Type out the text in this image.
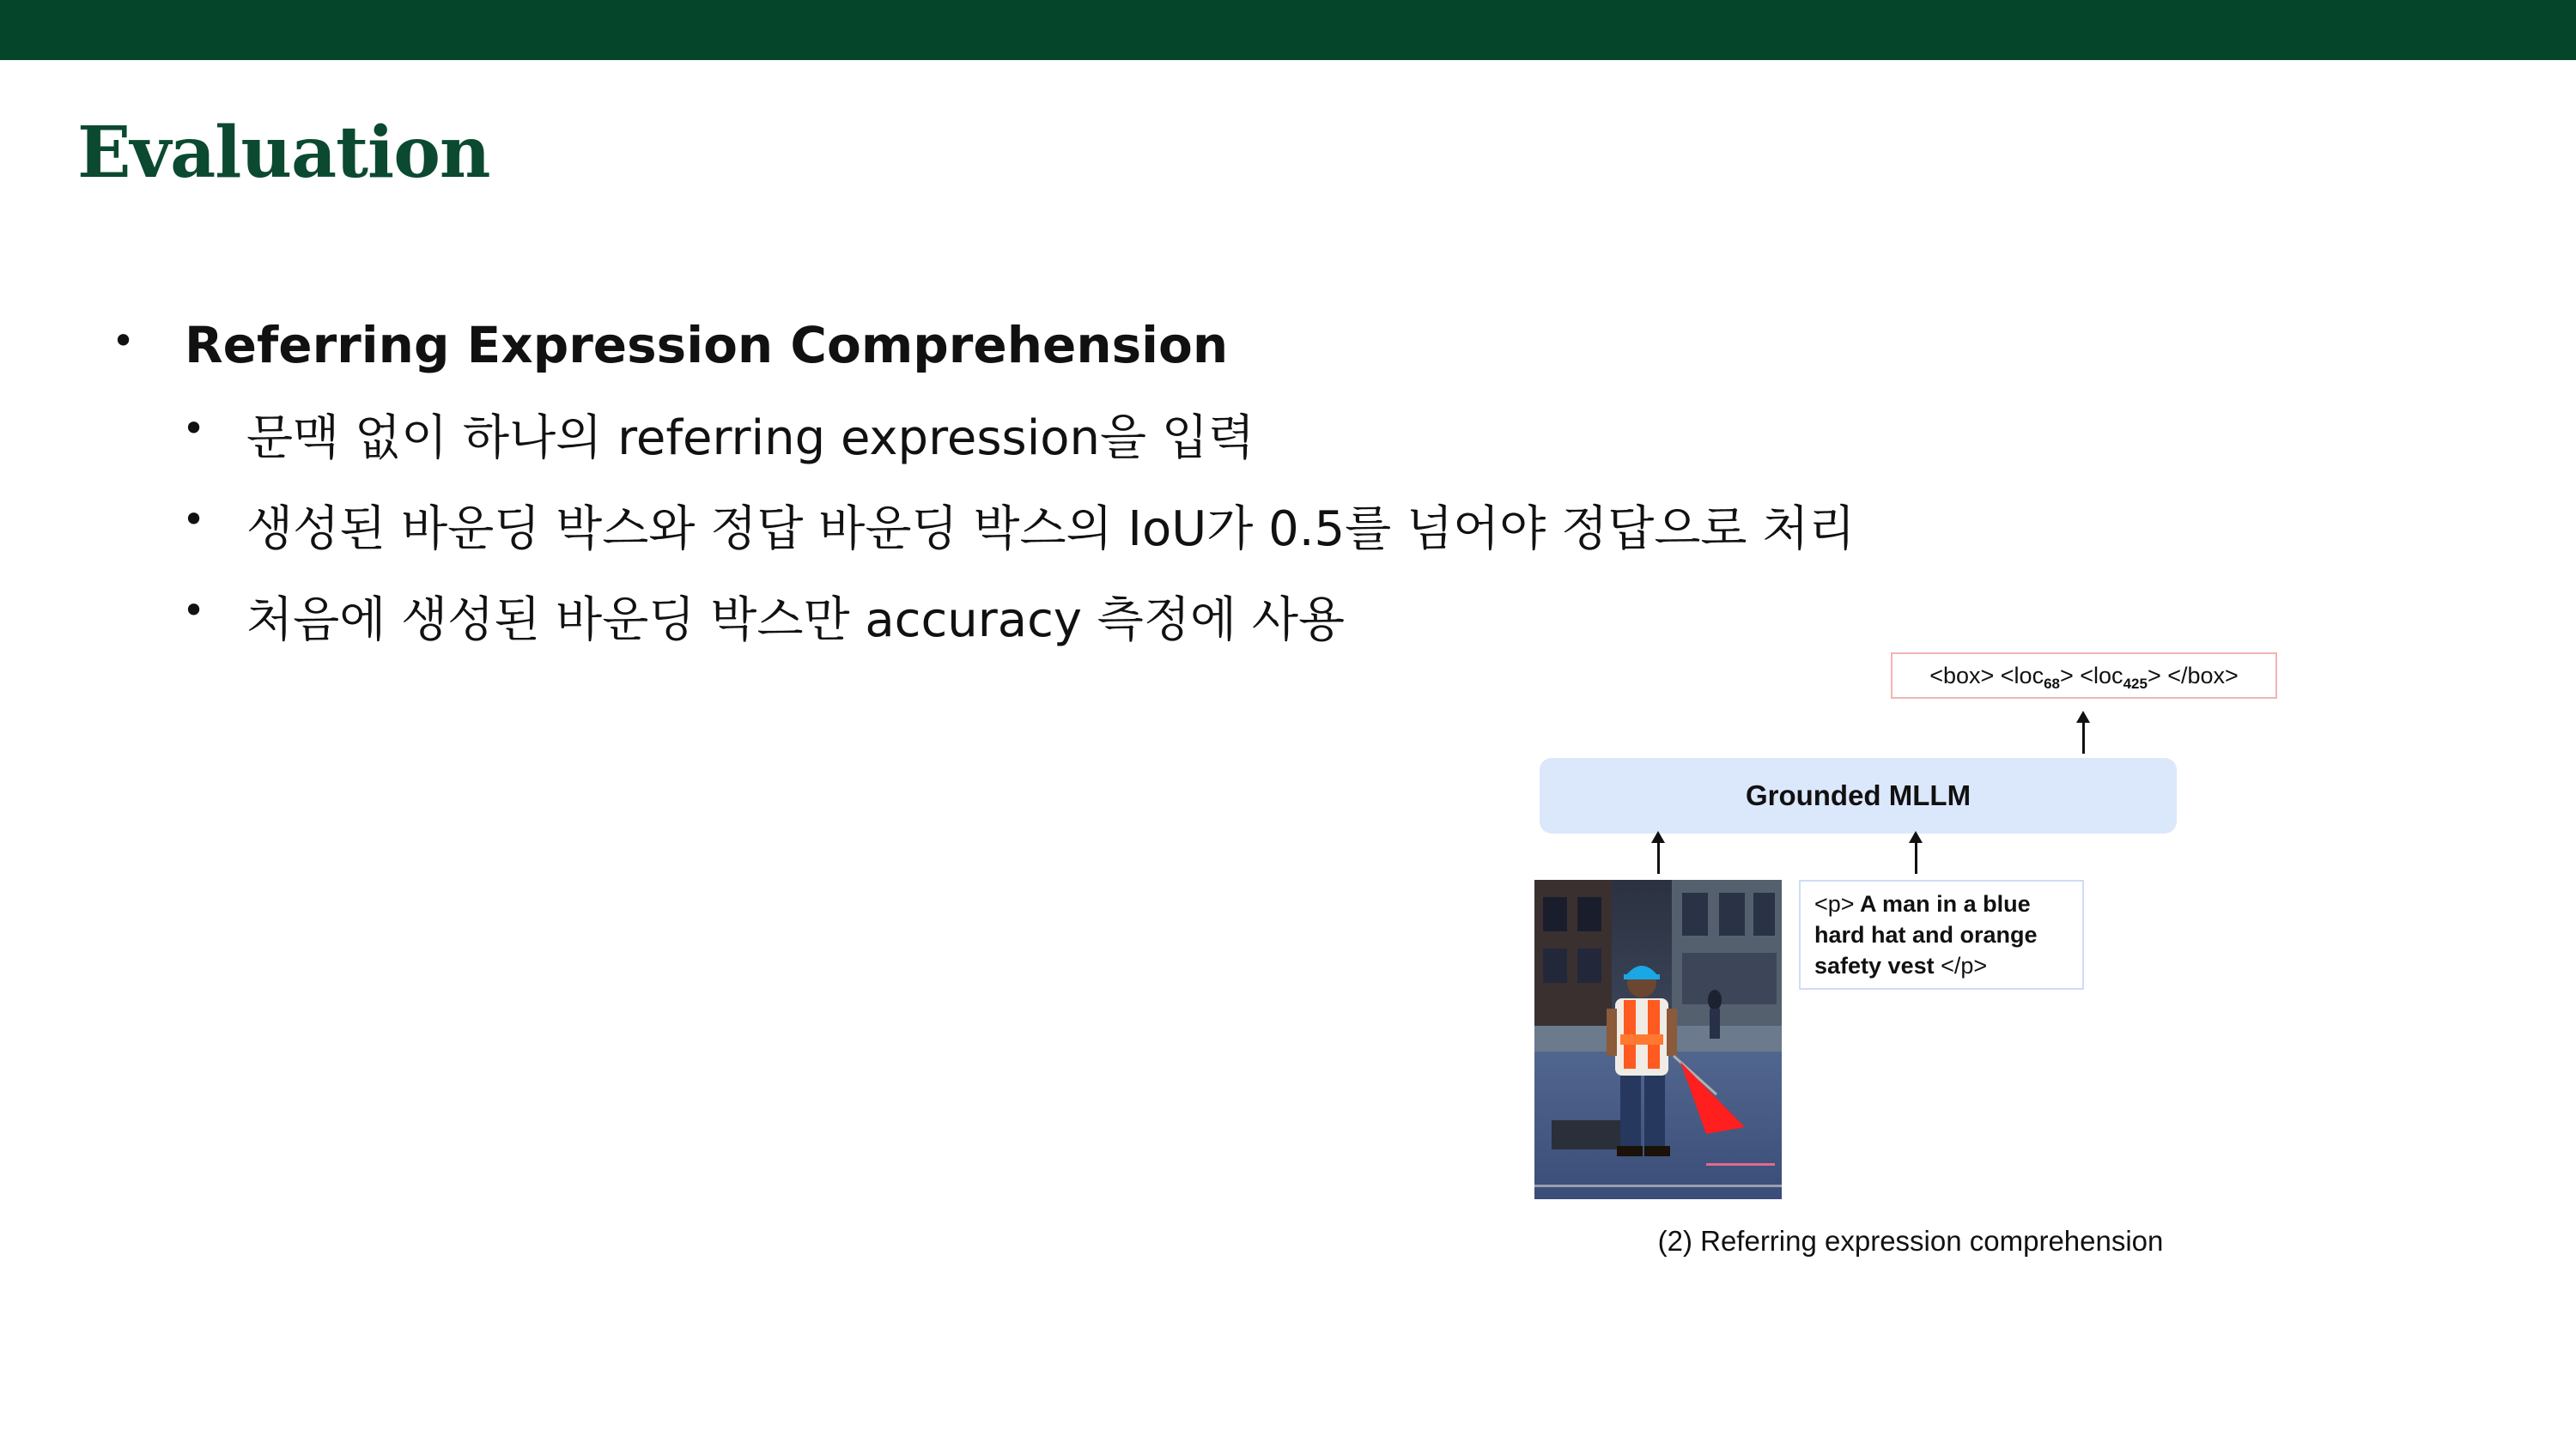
Evaluation
• Referring Expression Comprehension
• 문맥 없이 하나의 referring expression을 입력
• 생성된 바운딩 박스와 정답 바운딩 박스의 IoU가 0.5를 넘어야 정답으로 처리
• 처음에 생성된 바운딩 박스만 accuracy 측정에 사용
<box> <loc$_{68}$> <loc$_{425}$> </box>
Grounded MLLM
<p> A man in a blue hard hat and orange safety vest </p>
(2) Referring expression comprehension
